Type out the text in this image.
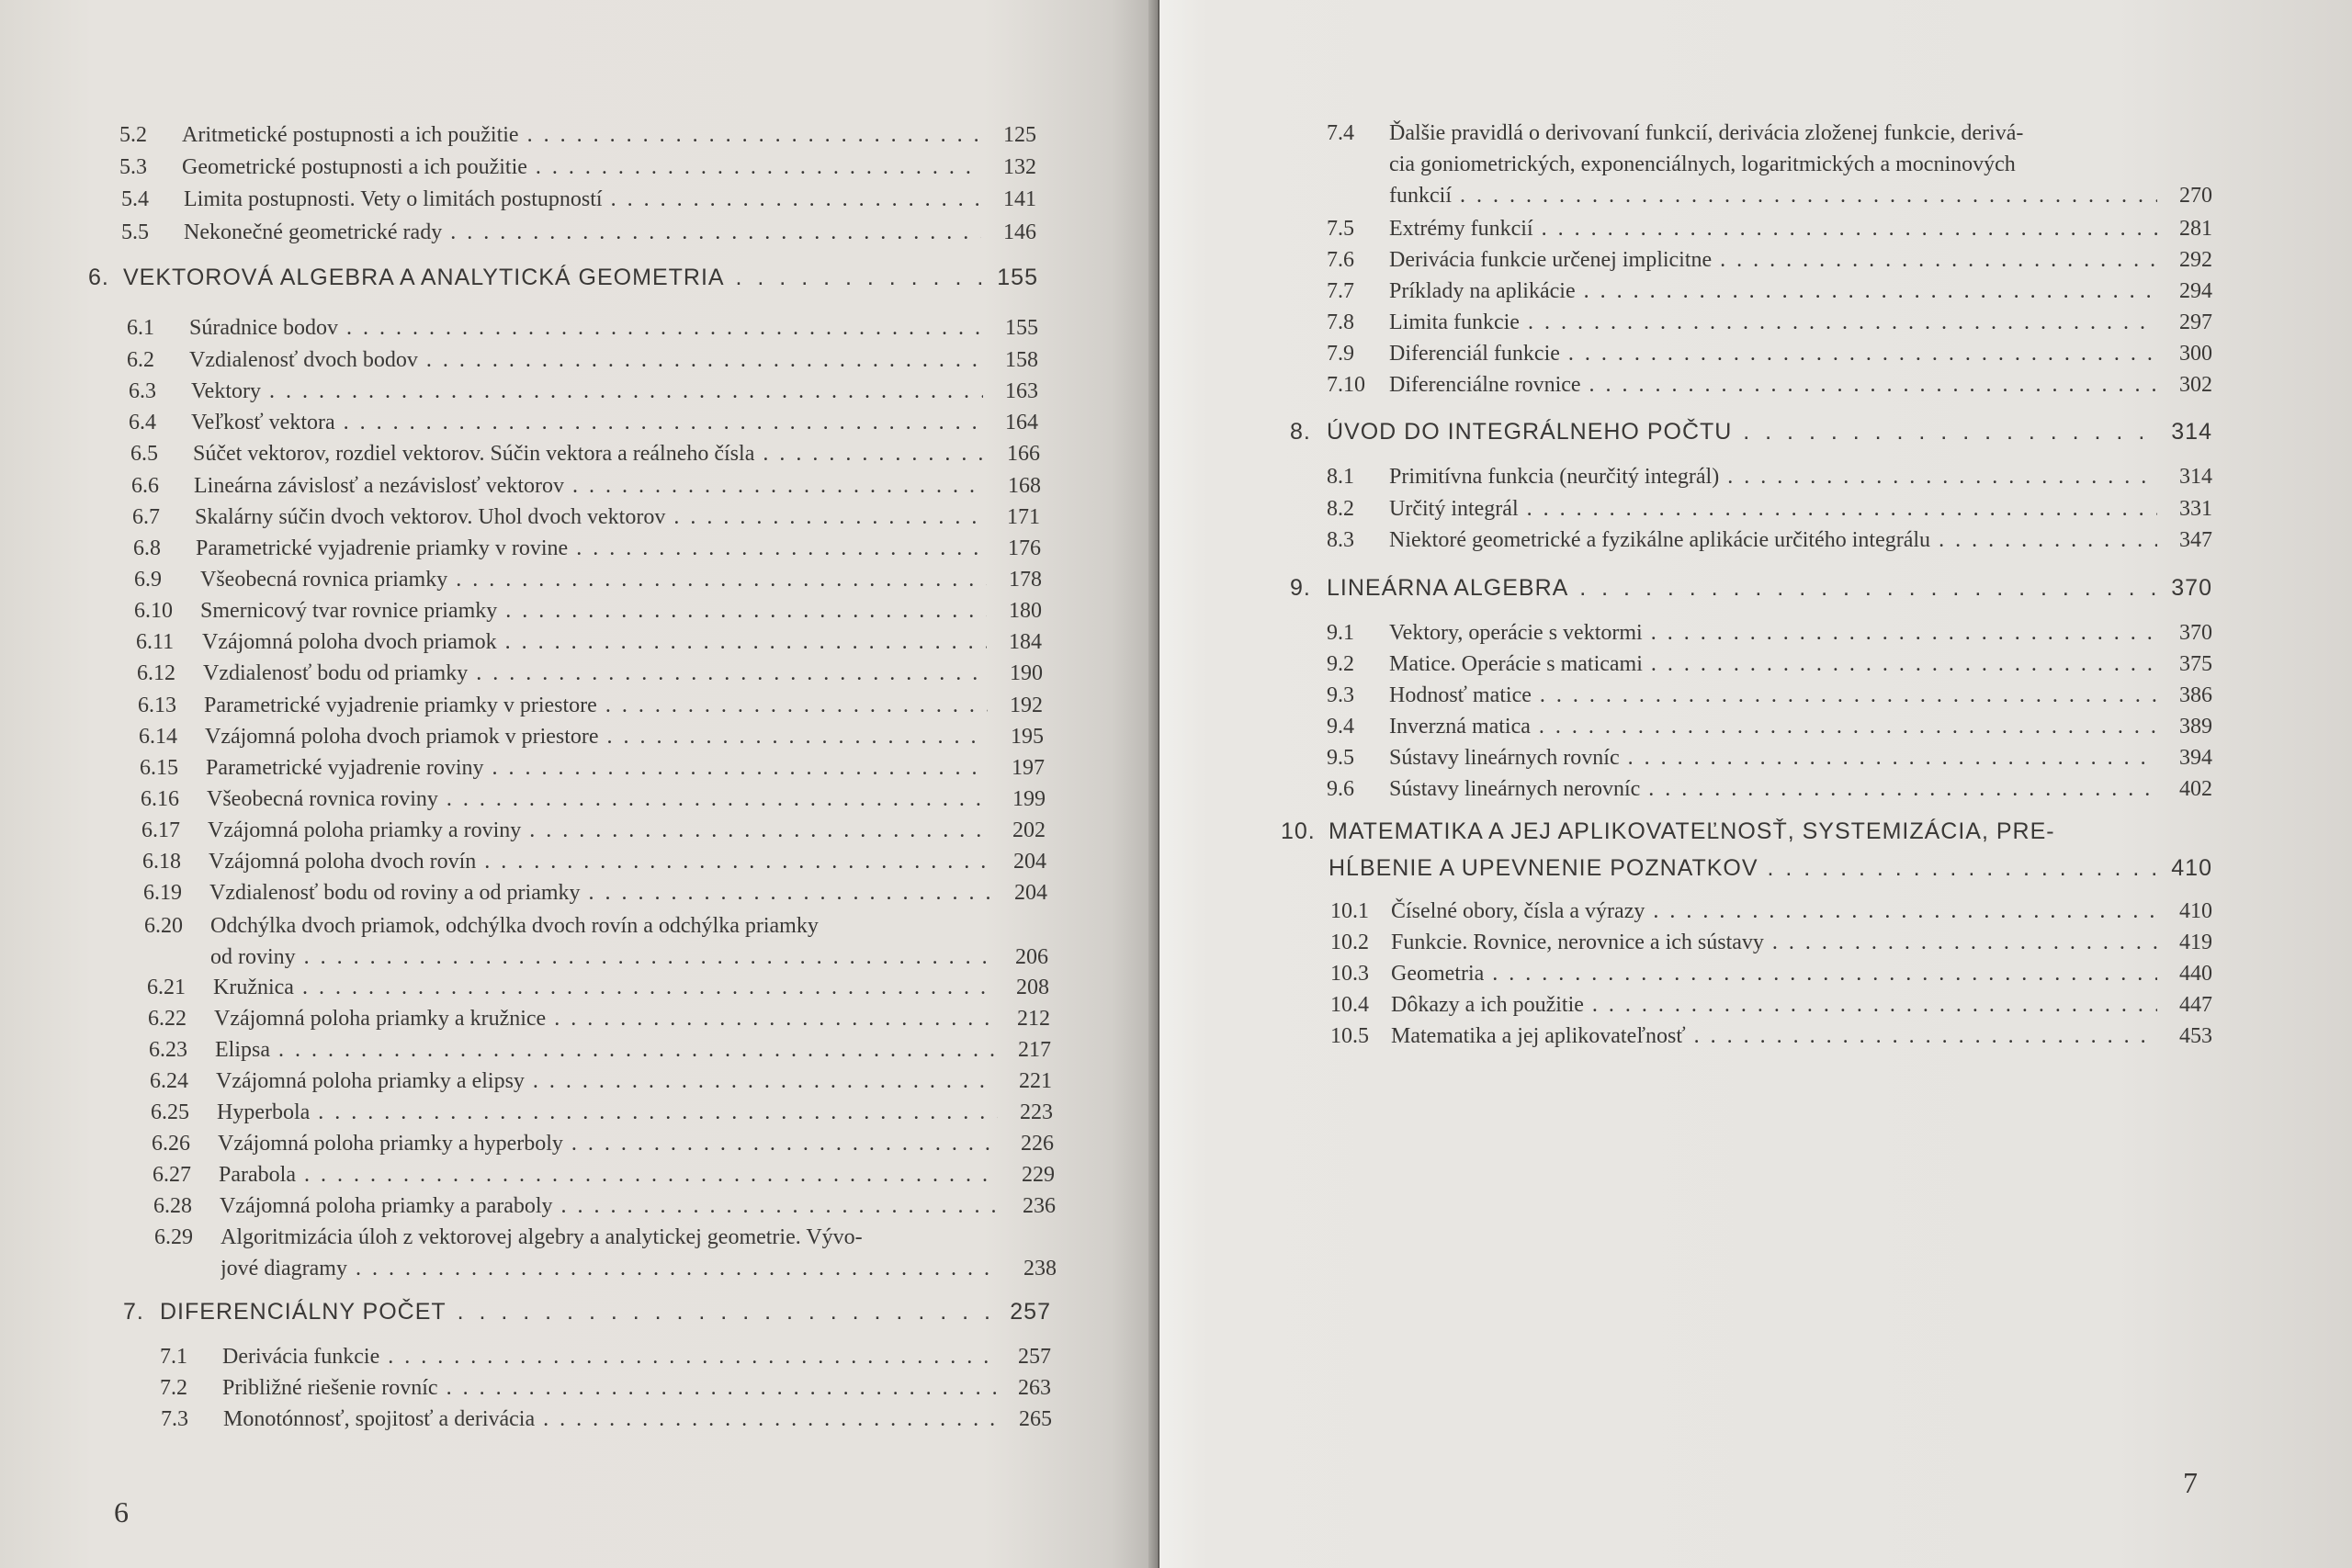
6
7
5.2 Aritmetické postupnosti a ich použitie . . .	125
5.3 Geometrické postupnosti a ich použitie . . .	132
5.4 Limita postupnosti. Vety o limitách postupností . . .	141
5.5 Nekonečné geometrické rady . . .	146
6. VEKTOROVÁ ALGEBRA A ANALYTICKÁ GEOMETRIA . . .	155
6.1 Súradnice bodov . . .	155
6.2 Vzdialenosť dvoch bodov . . .	158
6.3 Vektory . . .	163
6.4 Veľkosť vektora . . .	164
6.5 Súčet vektorov, rozdiel vektorov. Súčin vektora a reálneho čísla . . .	166
6.6 Lineárna závislosť a nezávislosť vektorov . . .	168
6.7 Skalárny súčin dvoch vektorov. Uhol dvoch vektorov . . .	171
6.8 Parametrické vyjadrenie priamky v rovine . . .	176
6.9 Všeobecná rovnica priamky . . .	178
6.10 Smernicový tvar rovnice priamky . . .	180
6.11 Vzájomná poloha dvoch priamok . . .	184
6.12 Vzdialenosť bodu od priamky . . .	190
6.13 Parametrické vyjadrenie priamky v priestore . . .	192
6.14 Vzájomná poloha dvoch priamok v priestore . . .	195
6.15 Parametrické vyjadrenie roviny . . .	197
6.16 Všeobecná rovnica roviny . . .	199
6.17 Vzájomná poloha priamky a roviny . . .	202
6.18 Vzájomná poloha dvoch rovín . . .	204
6.19 Vzdialenosť bodu od roviny a od priamky . . .	204
6.20 Odchýlka dvoch priamok, odchýlka dvoch rovín a odchýlka priamky
od roviny . . .	206
6.21 Kružnica . . .	208
6.22 Vzájomná poloha priamky a kružnice . . .	212
6.23 Elipsa . . .	217
6.24 Vzájomná poloha priamky a elipsy . . .	221
6.25 Hyperbola . . .	223
6.26 Vzájomná poloha priamky a hyperboly . . .	226
6.27 Parabola . . .	229
6.28 Vzájomná poloha priamky a paraboly . . .	236
6.29 Algoritmizácia úloh z vektorovej algebry a analytickej geometrie. Vývo-
jové diagramy . . .	238
7. DIFERENCIÁLNY POČET . . .	257
7.1 Derivácia funkcie . . .	257
7.2 Približné riešenie rovníc . . .	263
7.3 Monotónnosť, spojitosť a derivácia . . .	265
7.4 Ďalšie pravidlá o derivovaní funkcií, derivácia zloženej funkcie, derivá-
cia goniometrických, exponenciálnych, logaritmických a mocninových
funkcií . . .	270
7.5 Extrémy funkcií . . .	281
7.6 Derivácia funkcie určenej implicitne . . .	292
7.7 Príklady na aplikácie . . .	294
7.8 Limita funkcie . . .	297
7.9 Diferenciál funkcie . . .	300
7.10 Diferenciálne rovnice . . .	302
8. ÚVOD DO INTEGRÁLNEHO POČTU . . .	314
8.1 Primitívna funkcia (neurčitý integrál) . . .	314
8.2 Určitý integrál . . .	331
8.3 Niektoré geometrické a fyzikálne aplikácie určitého integrálu . . .	347
9. LINEÁRNA ALGEBRA . . .	370
9.1 Vektory, operácie s vektormi . . .	370
9.2 Matice. Operácie s maticami . . .	375
9.3 Hodnosť matice . . .	386
9.4 Inverzná matica . . .	389
9.5 Sústavy lineárnych rovníc . . .	394
9.6 Sústavy lineárnych nerovníc . . .	402
10. MATEMATIKA A JEJ APLIKOVATEĽNOSŤ, SYSTEMIZÁCIA, PRE-
HĹBENIE A UPEVNENIE POZNATKOV . . .	410
10.1 Číselné obory, čísla a výrazy . . .	410
10.2 Funkcie. Rovnice, nerovnice a ich sústavy . . .	419
10.3 Geometria . . .	440
10.4 Dôkazy a ich použitie . . .	447
10.5 Matematika a jej aplikovateľnosť . . .	453
